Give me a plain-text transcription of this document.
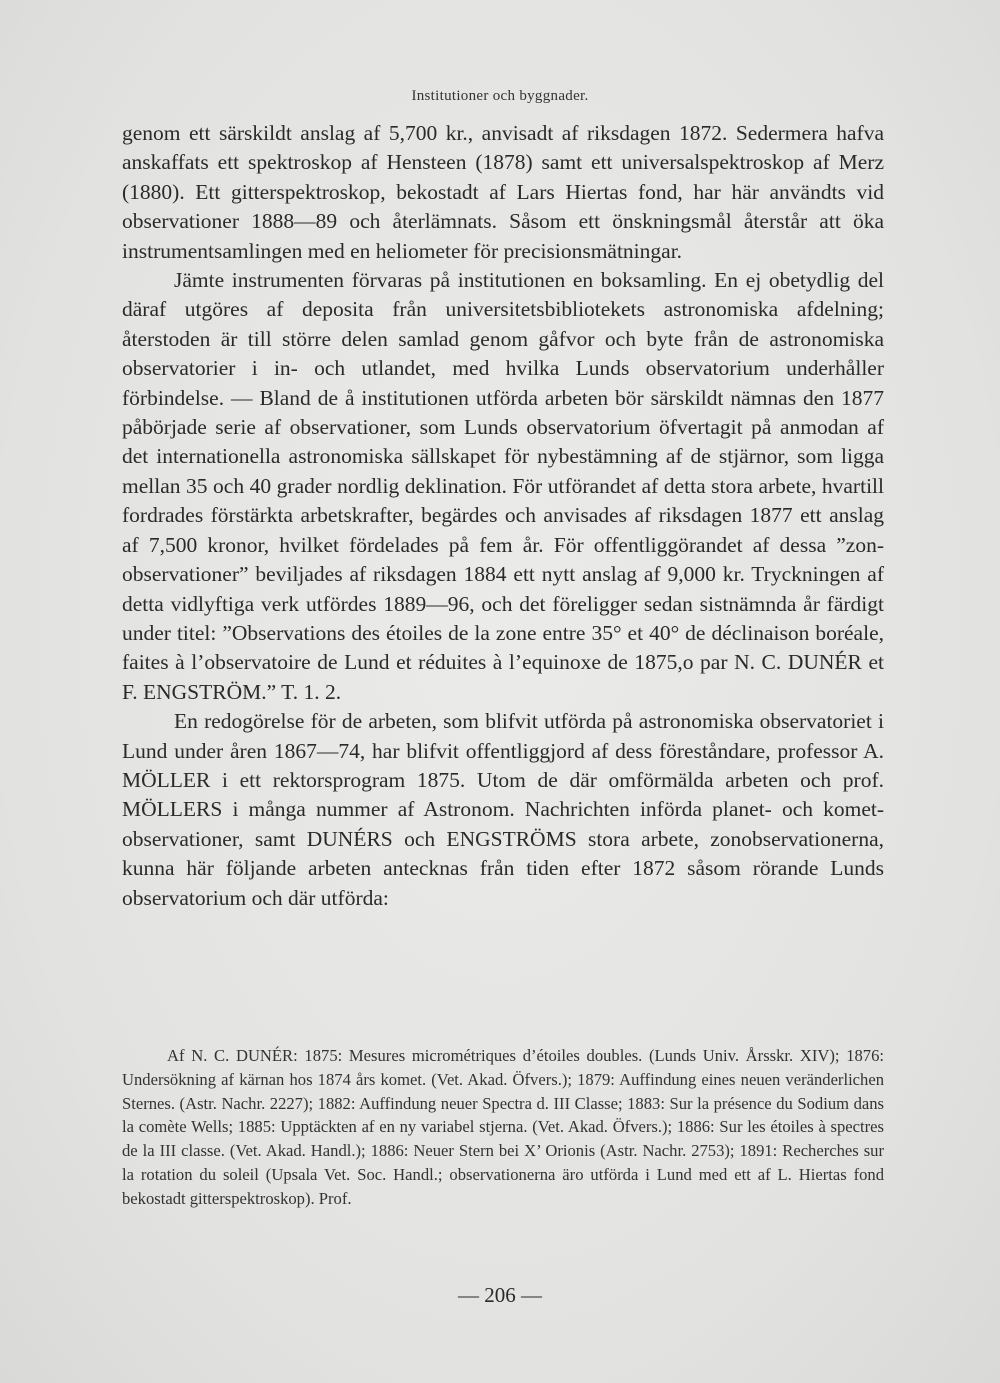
Institutioner och byggnader.

genom ett särskildt anslag af 5,700 kr., anvisadt af riksdagen 1872. Sedermera hafva anskaffats ett spektroskop af Hensteen (1878) samt ett universalspektroskop af Merz (1880). Ett gitterspektroskop, bekostadt af Lars Hiertas fond, har här användts vid observationer 1888—89 och återlämnats. Såsom ett önskningsmål återstår att öka instrumentsamlingen med en heliometer för precisionsmätningar.

Jämte instrumenten förvaras på institutionen en boksamling. En ej obetydlig del däraf utgöres af deposita från universitetsbibliotekets astronomiska afdelning; återstoden är till större delen samlad genom gåfvor och byte från de astronomiska observatorier i in- och utlandet, med hvilka Lunds observatorium underhåller förbindelse. — Bland de å institutionen utförda arbeten bör särskildt nämnas den 1877 påbörjade serie af observationer, som Lunds observatorium öfvertagit på anmodan af det internationella astronomiska sällskapet för nybestämning af de stjärnor, som ligga mellan 35 och 40 grader nordlig deklination. För utförandet af detta stora arbete, hvartill fordrades förstärkta arbetskrafter, begärdes och anvisades af riksdagen 1877 ett anslag af 7,500 kronor, hvilket fördelades på fem år. För offentliggörandet af dessa ”zon-observationer” beviljades af riksdagen 1884 ett nytt anslag af 9,000 kr. Tryckningen af detta vidlyftiga verk utfördes 1889—96, och det föreligger sedan sistnämnda år färdigt under titel: ”Observations des étoiles de la zone entre 35° et 40° de déclinaison boréale, faites à l’observatoire de Lund et réduites à l’equinoxe de 1875,o par N. C. DUNÉR et F. ENGSTRÖM.” T. 1. 2.

En redogörelse för de arbeten, som blifvit utförda på astronomiska observatoriet i Lund under åren 1867—74, har blifvit offentliggjord af dess föreståndare, professor A. MÖLLER i ett rektorsprogram 1875. Utom de där omförmälda arbeten och prof. MÖLLERS i många nummer af Astronom. Nachrichten införda planet- och komet-observationer, samt DUNÉRS och ENGSTRÖMS stora arbete, zonobservationerna, kunna här följande arbeten antecknas från tiden efter 1872 såsom rörande Lunds observatorium och där utförda:

Af N. C. DUNÉR: 1875: Mesures micrométriques d’étoiles doubles. (Lunds Univ. Årsskr. XIV); 1876: Undersökning af kärnan hos 1874 års komet. (Vet. Akad. Öfvers.); 1879: Auffindung eines neuen veränderlichen Sternes. (Astr. Nachr. 2227); 1882: Auffindung neuer Spectra d. III Classe; 1883: Sur la présence du Sodium dans la comète Wells; 1885: Upptäckten af en ny variabel stjerna. (Vet. Akad. Öfvers.); 1886: Sur les étoiles à spectres de la III classe. (Vet. Akad. Handl.); 1886: Neuer Stern bei X’ Orionis (Astr. Nachr. 2753); 1891: Recherches sur la rotation du soleil (Upsala Vet. Soc. Handl.; observationerna äro utförda i Lund med ett af L. Hiertas fond bekostadt gitterspektroskop). Prof.
— 206 —
